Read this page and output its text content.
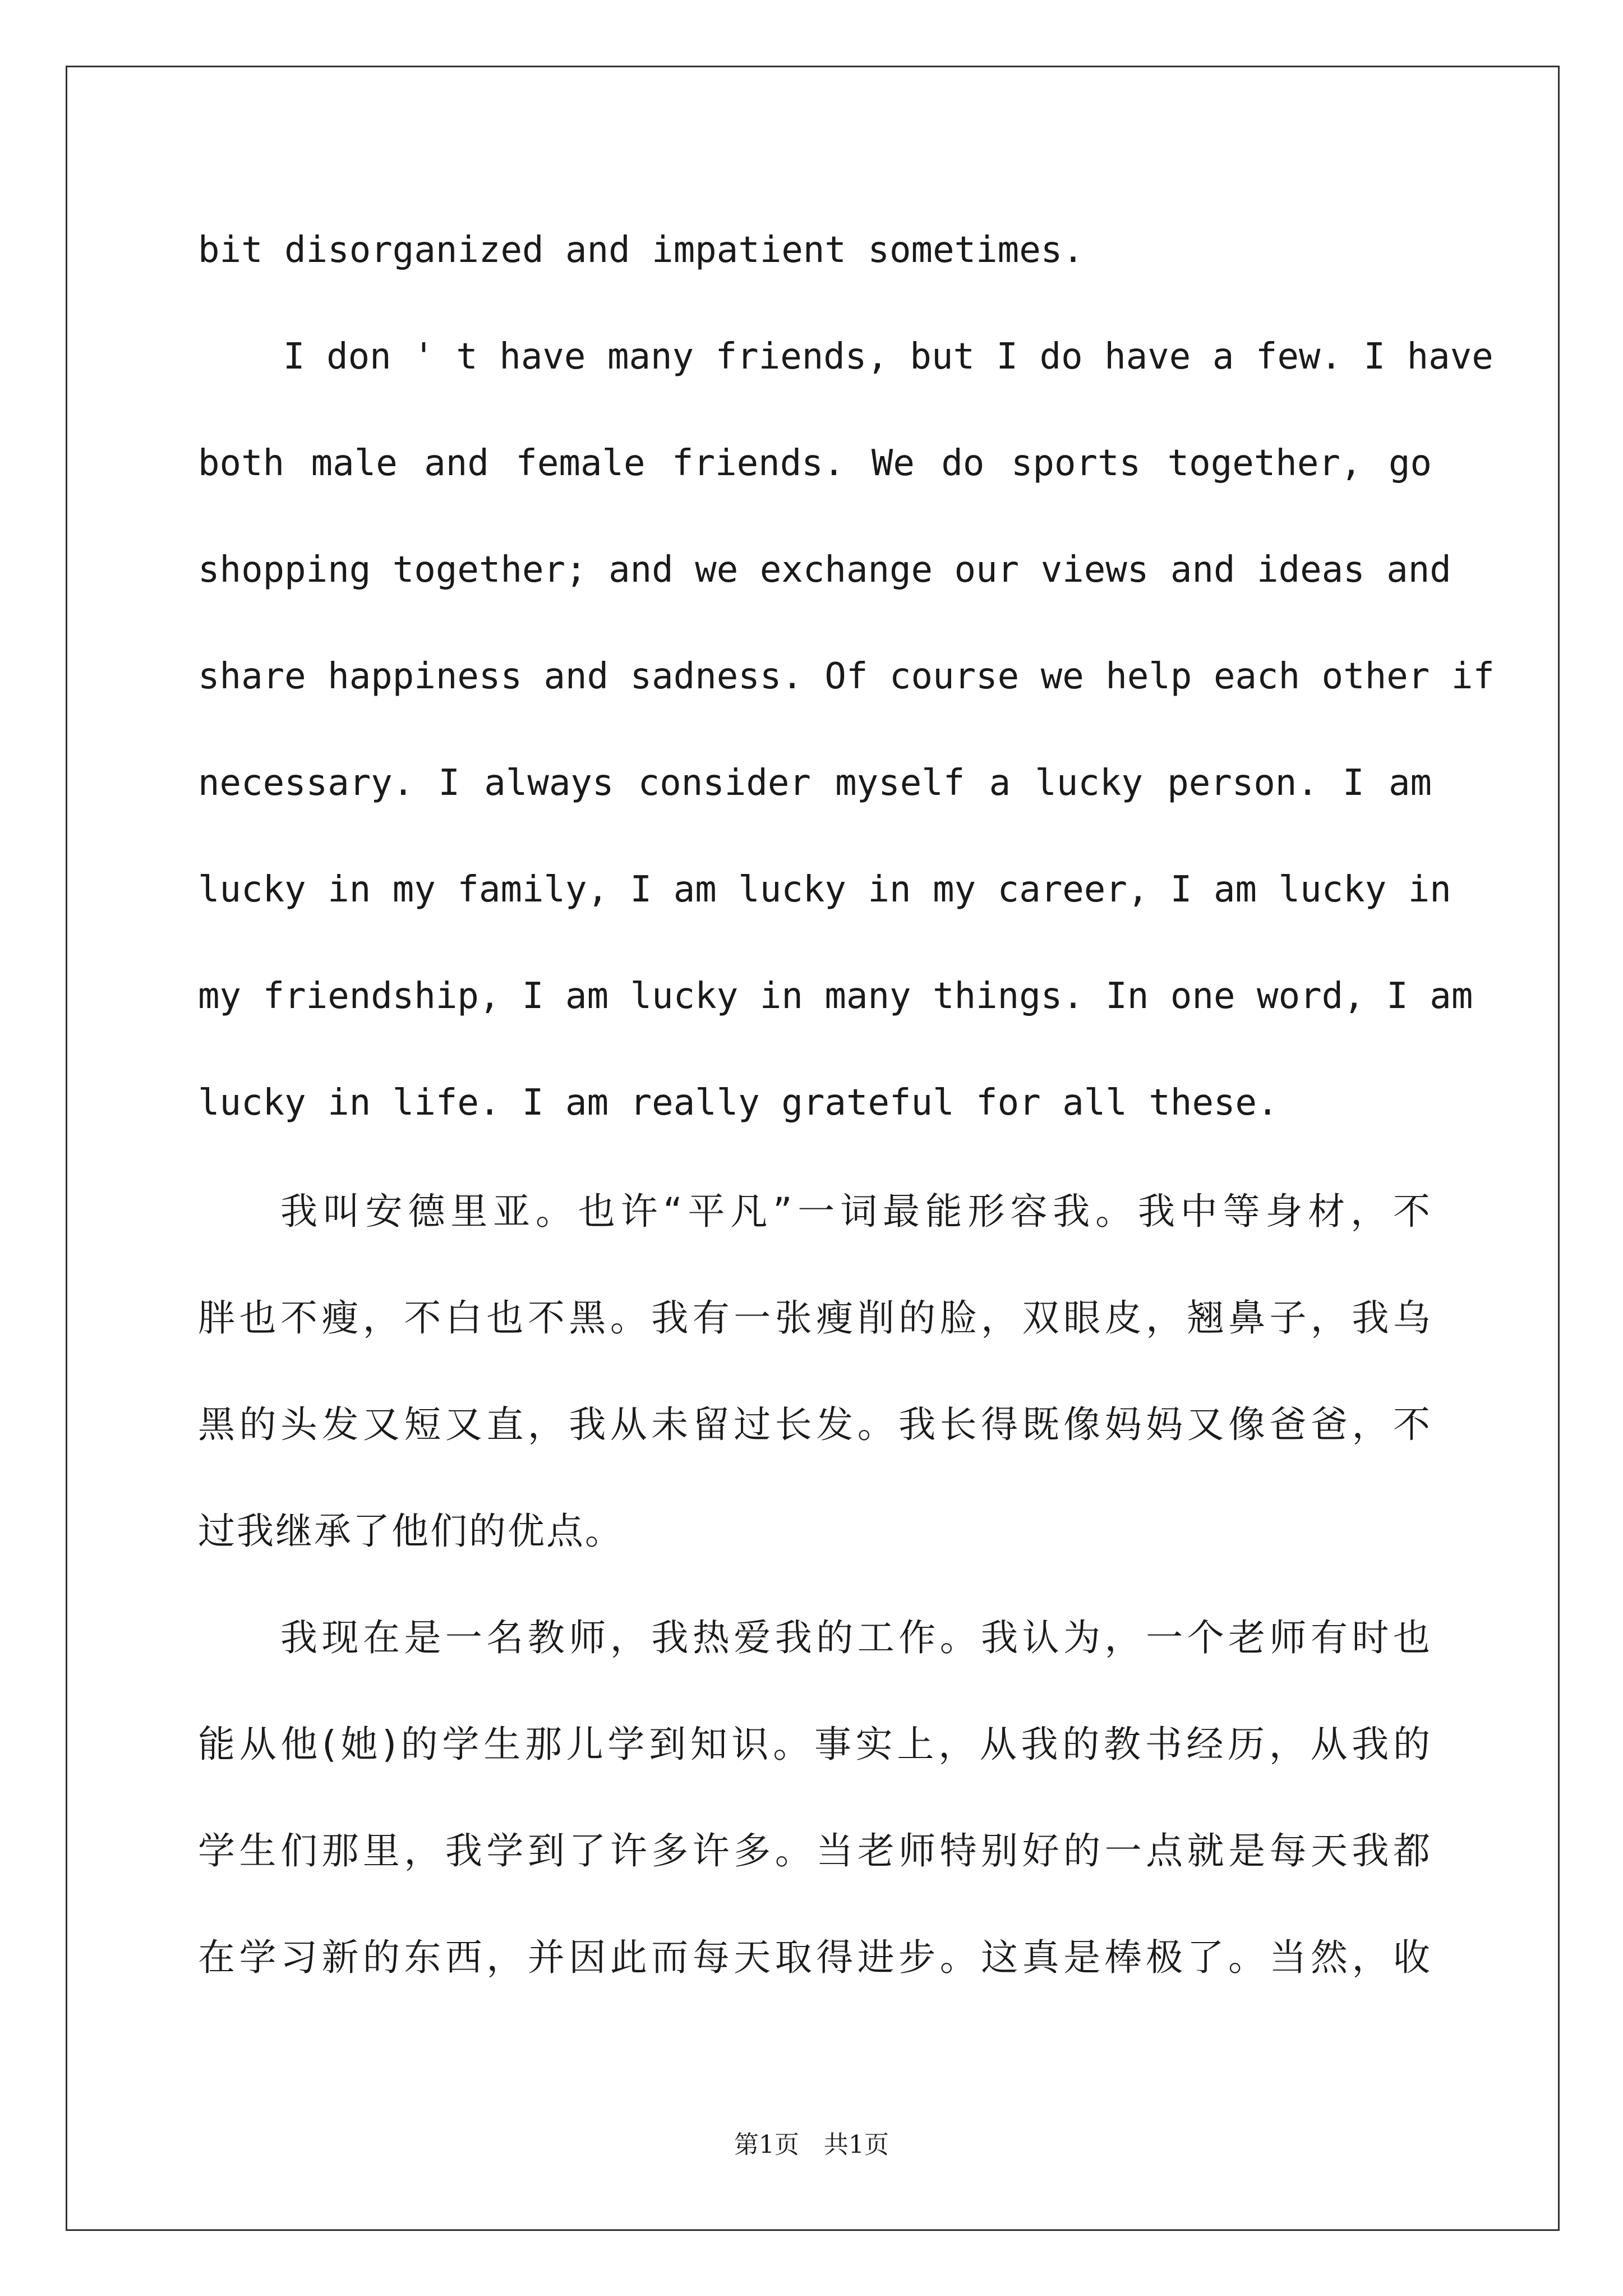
bit disorganized and impatient sometimes.
I don ' t have many friends, but I do have a few. I have
both male and female friends. We do sports together, go
shopping together; and we exchange our views and ideas and
share happiness and sadness. Of course we help each other if
necessary. I always consider myself a lucky person. I am
lucky in my family, I am lucky in my career, I am lucky in
my friendship, I am lucky in many things. In one word, I am
lucky in life. I am really grateful for all these.
我叫安德里亚。也许“平凡”一词最能形容我。我中等身材，不
胖也不瘦，不白也不黑。我有一张瘦削的脸，双眼皮，翘鼻子，我乌
黑的头发又短又直，我从未留过长发。我长得既像妈妈又像爸爸，不
过我继承了他们的优点。
我现在是一名教师，我热爱我的工作。我认为，一个老师有时也
能从他(她)的学生那儿学到知识。事实上，从我的教书经历，从我的
学生们那里，我学到了许多许多。当老师特别好的一点就是每天我都
在学习新的东西，并因此而每天取得进步。这真是棒极了。当然，收
第1页　共1页
